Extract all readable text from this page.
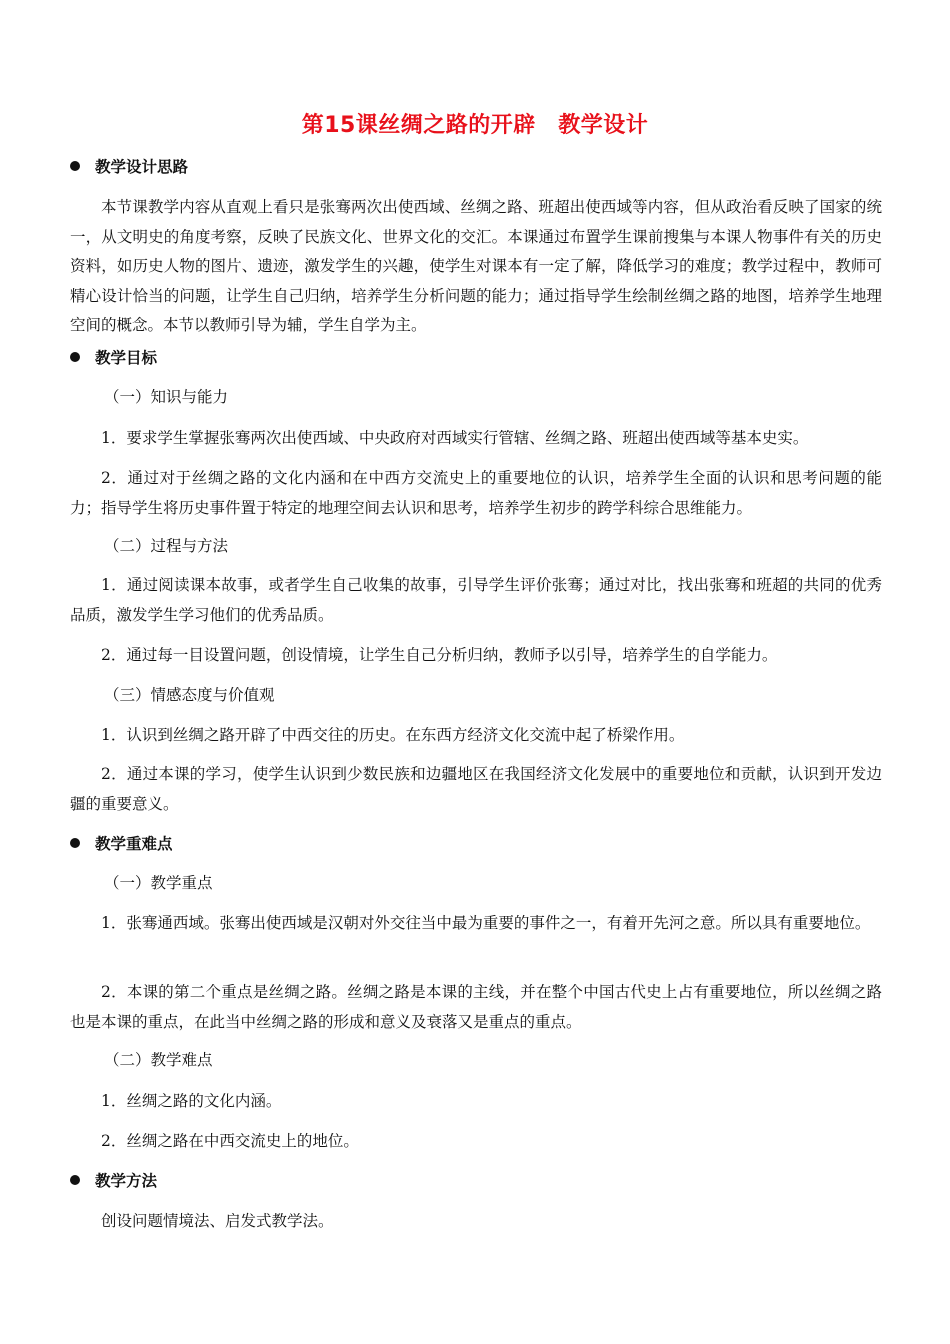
第15课丝绸之路的开辟　教学设计
教学设计思路
本节课教学内容从直观上看只是张骞两次出使西域、丝绸之路、班超出使西域等内容，但从政治看反映了国家的统一，从文明史的角度考察，反映了民族文化、世界文化的交汇。本课通过布置学生课前搜集与本课人物事件有关的历史资料，如历史人物的图片、遗迹，激发学生的兴趣，使学生对课本有一定了解，降低学习的难度；教学过程中，教师可精心设计恰当的问题，让学生自己归纳，培养学生分析问题的能力；通过指导学生绘制丝绸之路的地图，培养学生地理空间的概念。本节以教师引导为辅，学生自学为主。
教学目标
（一）知识与能力
1．要求学生掌握张骞两次出使西域、中央政府对西域实行管辖、丝绸之路、班超出使西域等基本史实。
2．通过对于丝绸之路的文化内涵和在中西方交流史上的重要地位的认识，培养学生全面的认识和思考问题的能力；指导学生将历史事件置于特定的地理空间去认识和思考，培养学生初步的跨学科综合思维能力。
（二）过程与方法
1．通过阅读课本故事，或者学生自己收集的故事，引导学生评价张骞；通过对比，找出张骞和班超的共同的优秀品质，激发学生学习他们的优秀品质。
2．通过每一目设置问题，创设情境，让学生自己分析归纳，教师予以引导，培养学生的自学能力。
（三）情感态度与价值观
1．认识到丝绸之路开辟了中西交往的历史。在东西方经济文化交流中起了桥梁作用。
2．通过本课的学习，使学生认识到少数民族和边疆地区在我国经济文化发展中的重要地位和贡献，认识到开发边疆的重要意义。
教学重难点
（一）教学重点
1．张骞通西域。张骞出使西域是汉朝对外交往当中最为重要的事件之一，有着开先河之意。所以具有重要地位。
2．本课的第二个重点是丝绸之路。丝绸之路是本课的主线，并在整个中国古代史上占有重要地位，所以丝绸之路也是本课的重点，在此当中丝绸之路的形成和意义及衰落又是重点的重点。
（二）教学难点
1．丝绸之路的文化内涵。
2．丝绸之路在中西交流史上的地位。
教学方法
创设问题情境法、启发式教学法。
